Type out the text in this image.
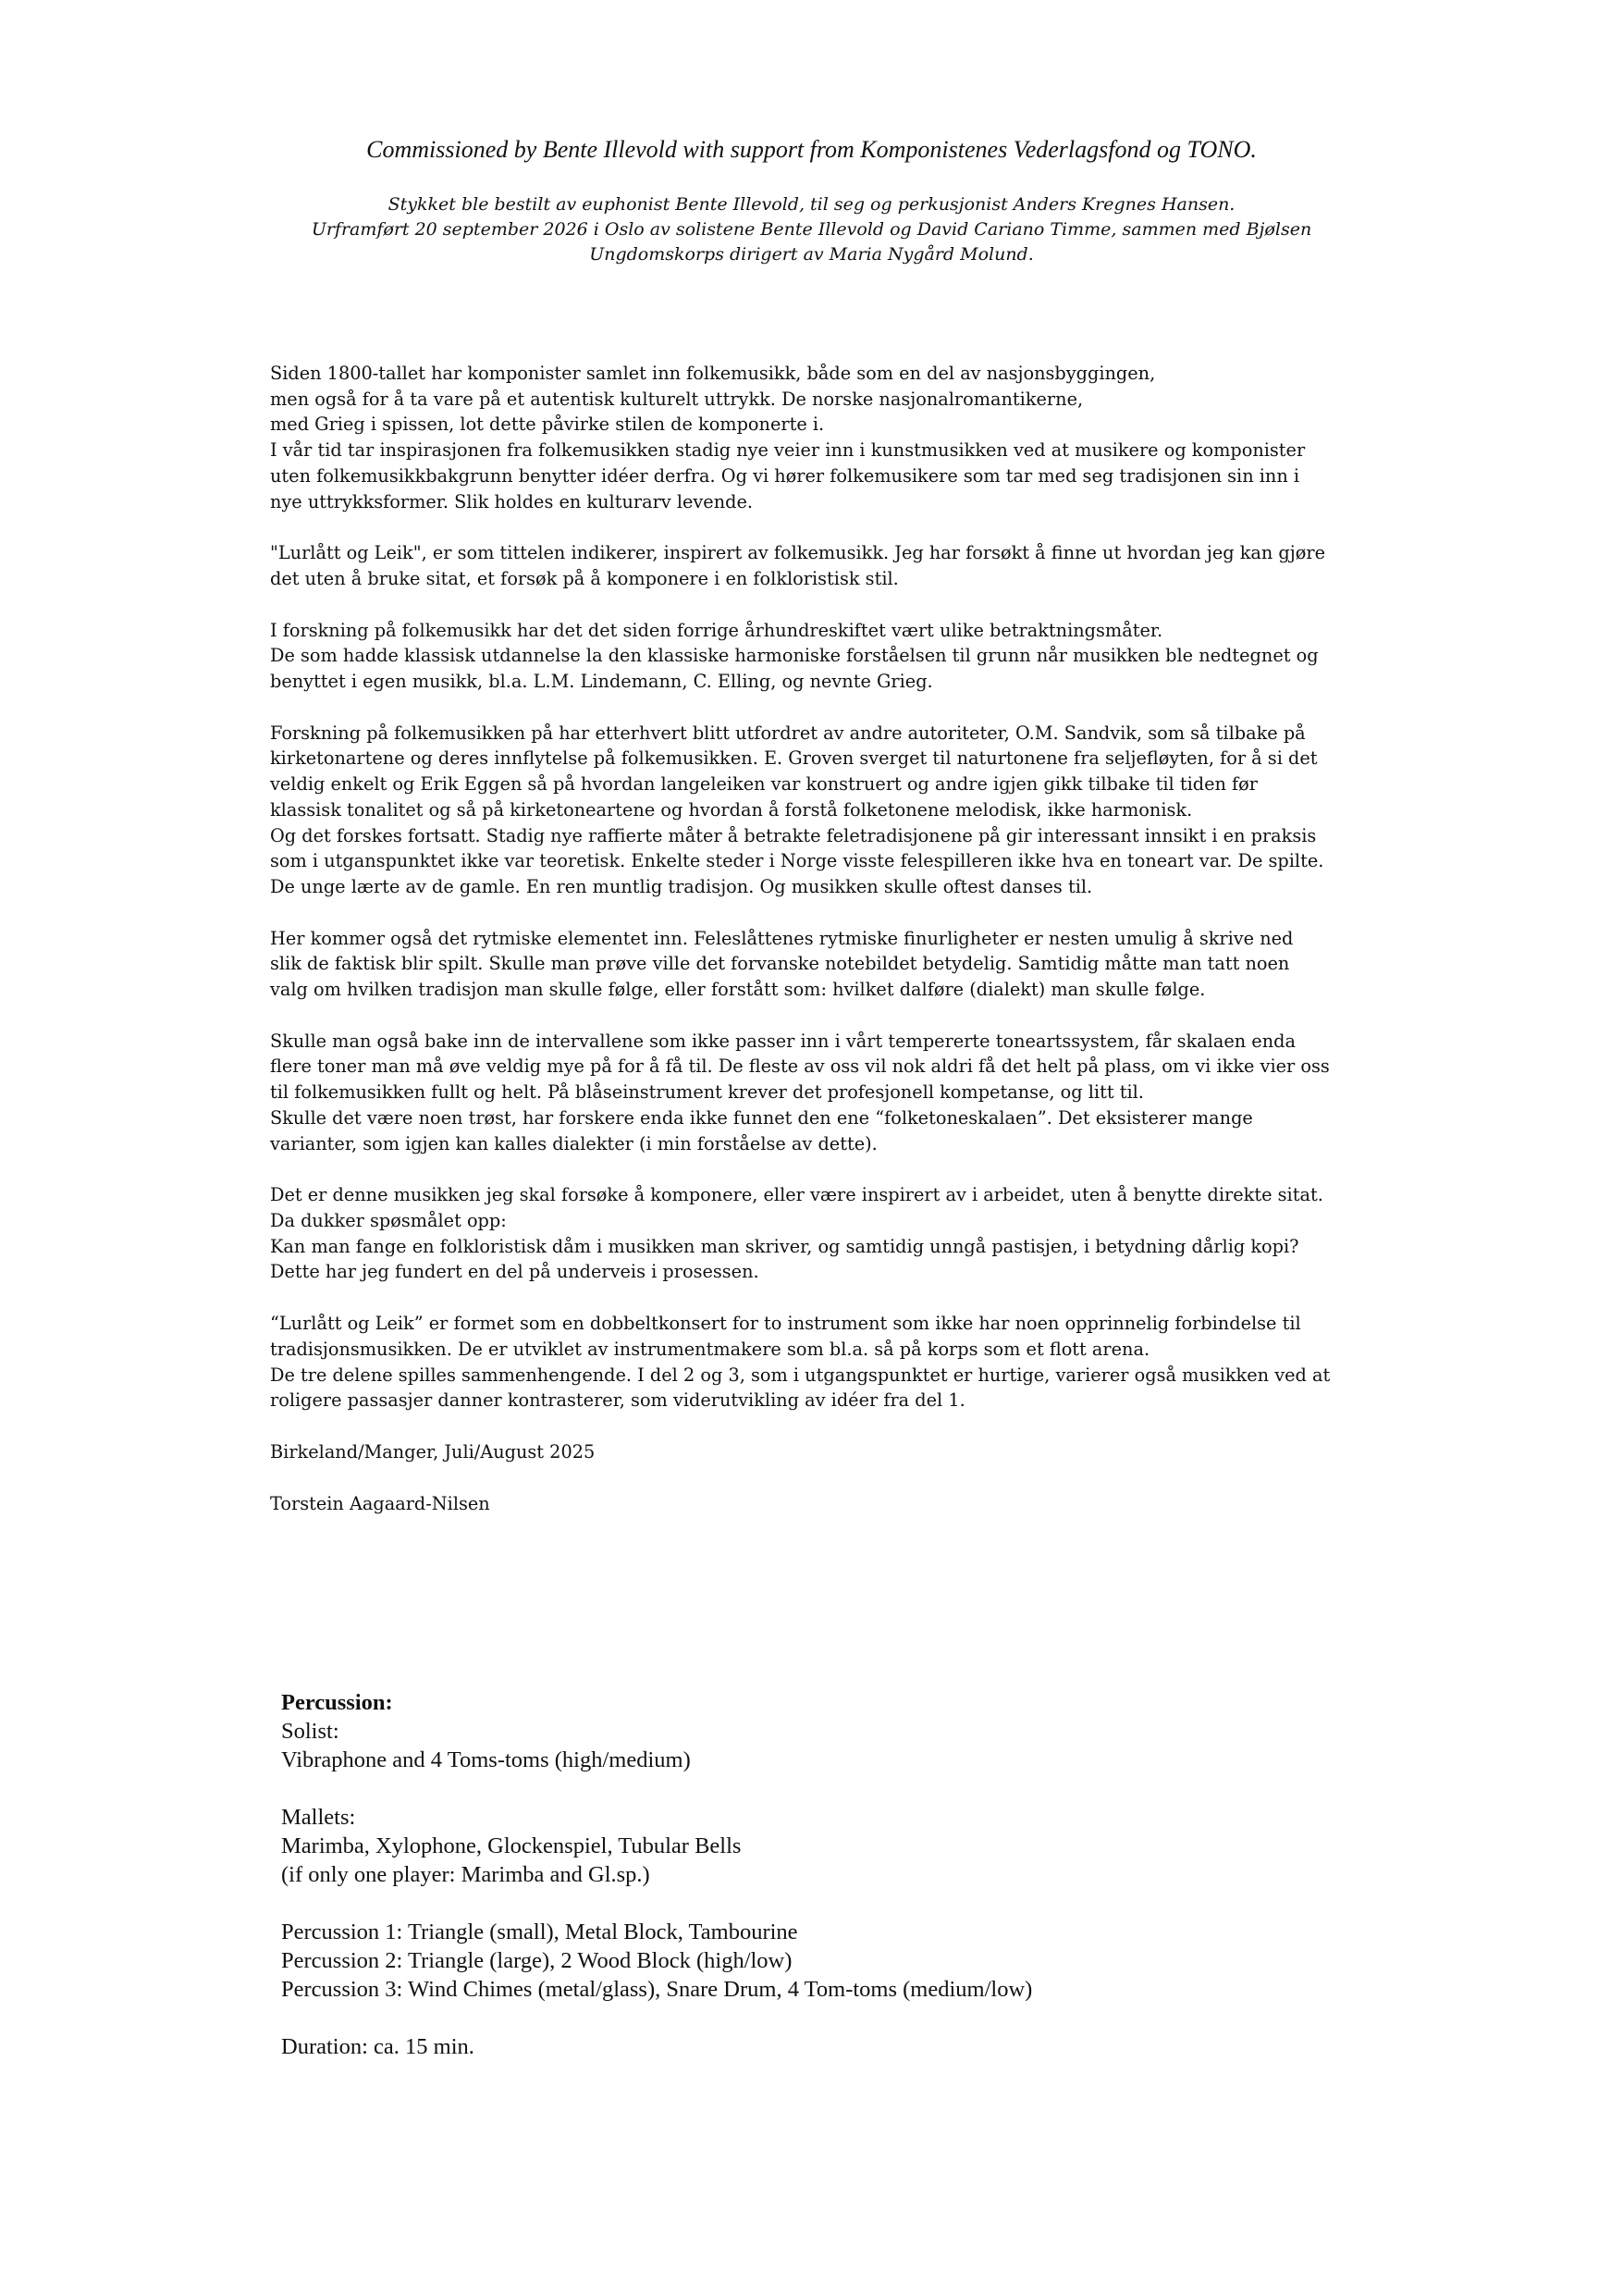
Commissioned by Bente Illevold with support from Komponistenes Vederlagsfond og TONO.

Stykket ble bestilt av euphonist Bente Illevold, til seg og perkusjonist Anders Kregnes Hansen.
Urframført 20 september 2026 i Oslo av solistene Bente Illevold og David Cariano Timme, sammen med Bjølsen
Ungdomskorps dirigert av Maria Nygård Molund.

Siden 1800-tallet har komponister samlet inn folkemusikk, både som en del av nasjonsbyggingen,
men også for å ta vare på et autentisk kulturelt uttrykk. De norske nasjonalromantikerne,
med Grieg i spissen, lot dette påvirke stilen de komponerte i.
I vår tid tar inspirasjonen fra folkemusikken stadig nye veier inn i kunstmusikken ved at musikere og komponister
uten folkemusikkbakgrunn benytter idéer derfra. Og vi hører folkemusikere som tar med seg tradisjonen sin inn i
nye uttrykksformer. Slik holdes en kulturarv levende.

"Lurlått og Leik", er som tittelen indikerer, inspirert av folkemusikk. Jeg har forsøkt å finne ut hvordan jeg kan gjøre
det uten å bruke sitat, et forsøk på å komponere i en folkloristisk stil.

I forskning på folkemusikk har det det siden forrige århundreskiftet vært ulike betraktningsmåter.
De som hadde klassisk utdannelse la den klassiske harmoniske forståelsen til grunn når musikken ble nedtegnet og
benyttet i egen musikk, bl.a. L.M. Lindemann, C. Elling, og nevnte Grieg.

Forskning på folkemusikken på har etterhvert blitt utfordret av andre autoriteter, O.M. Sandvik, som så tilbake på
kirketonartene og deres innflytelse på folkemusikken. E. Groven sverget til naturtonene fra seljefløyten, for å si det
veldig enkelt og Erik Eggen så på hvordan langeleiken var konstruert og andre igjen gikk tilbake til tiden før
klassisk tonalitet og så på kirketoneartene og hvordan å forstå folketonene melodisk, ikke harmonisk.
Og det forskes fortsatt. Stadig nye raffierte måter å betrakte feletradisjonene på gir interessant innsikt i en praksis
som i utganspunktet ikke var teoretisk. Enkelte steder i Norge visste felespilleren ikke hva en toneart var. De spilte.
De unge lærte av de gamle. En ren muntlig tradisjon. Og musikken skulle oftest danses til.

Her kommer også det rytmiske elementet inn. Feleslåttenes rytmiske finurligheter er nesten umulig å skrive ned
slik de faktisk blir spilt. Skulle man prøve ville det forvanske notebildet betydelig. Samtidig måtte man tatt noen
valg om hvilken tradisjon man skulle følge, eller forstått som: hvilket dalføre (dialekt) man skulle følge.

Skulle man også bake inn de intervallene som ikke passer inn i vårt tempererte toneartssystem, får skalaen enda
flere toner man må øve veldig mye på for å få til. De fleste av oss vil nok aldri få det helt på plass, om vi ikke vier oss
til folkemusikken fullt og helt. På blåseinstrument krever det profesjonell kompetanse, og litt til.
Skulle det være noen trøst, har forskere enda ikke funnet den ene “folketoneskalaen”. Det eksisterer mange
varianter, som igjen kan kalles dialekter (i min forståelse av dette).

Det er denne musikken jeg skal forsøke å komponere, eller være inspirert av i arbeidet, uten å benytte direkte sitat.
Da dukker spøsmålet opp:
Kan man fange en folkloristisk dåm i musikken man skriver, og samtidig unngå pastisjen, i betydning dårlig kopi?
Dette har jeg fundert en del på underveis i prosessen.

“Lurlått og Leik” er formet som en dobbeltkonsert for to instrument som ikke har noen opprinnelig forbindelse til
tradisjonsmusikken. De er utviklet av instrumentmakere som bl.a. så på korps som et flott arena.
De tre delene spilles sammenhengende. I del 2 og 3, som i utgangspunktet er hurtige, varierer også musikken ved at
roligere passasjer danner kontrasterer, som viderutvikling av idéer fra del 1.

Birkeland/Manger, Juli/August 2025

Torstein Aagaard-Nilsen

Percussion:
Solist:
Vibraphone and 4 Toms-toms (high/medium)

Mallets:
Marimba, Xylophone, Glockenspiel, Tubular Bells
(if only one player: Marimba and Gl.sp.)

Percussion 1: Triangle (small), Metal Block, Tambourine
Percussion 2: Triangle (large), 2 Wood Block (high/low)
Percussion 3: Wind Chimes (metal/glass), Snare Drum, 4 Tom-toms (medium/low)

Duration: ca. 15 min.
